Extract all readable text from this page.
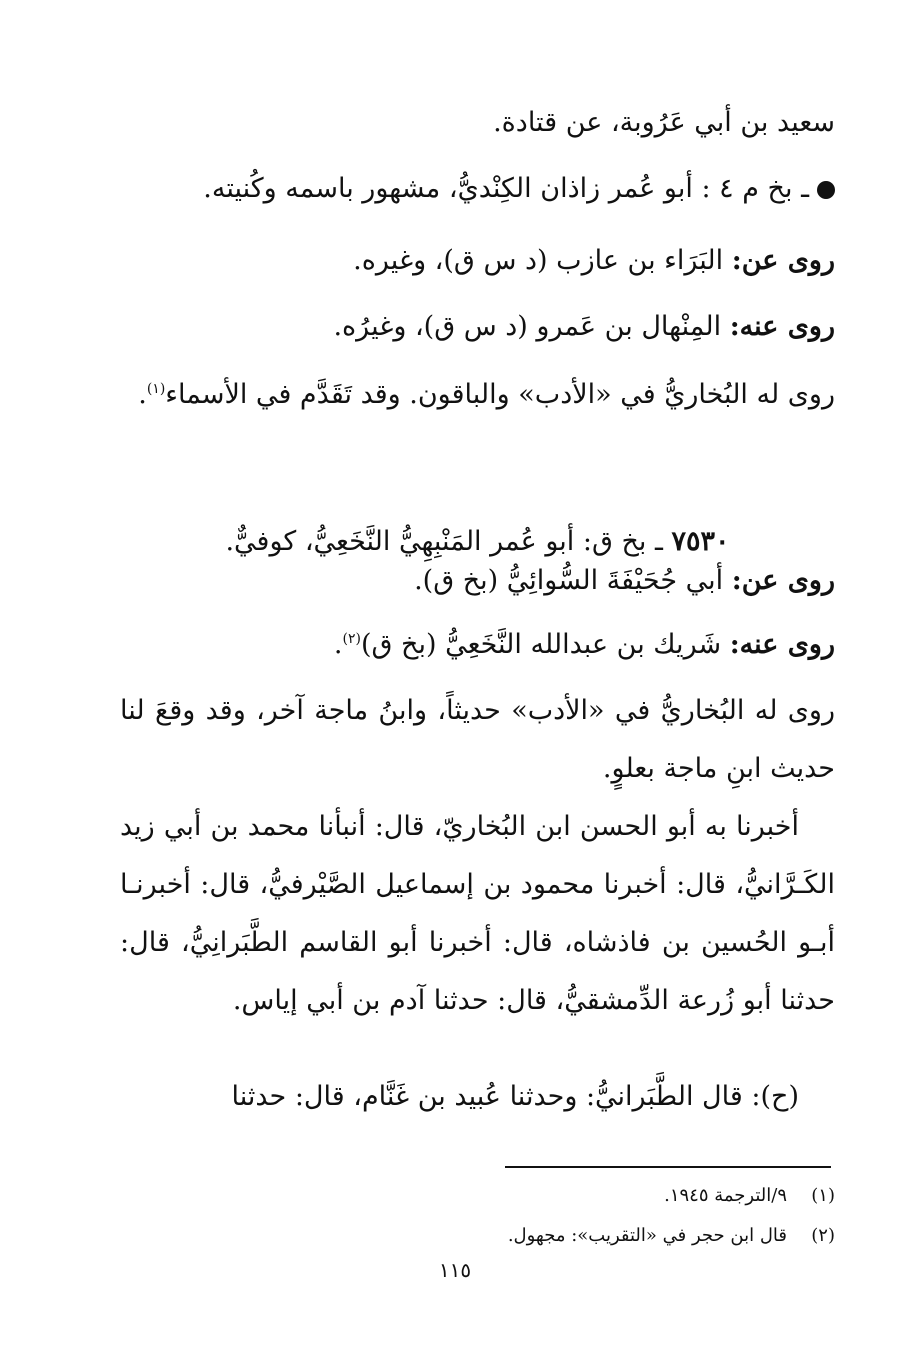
سعيد بن أبي عَرُوبة، عن قتادة.

ـ بخ م ٤ : أبو عُمر زاذان الكِنْديُّ، مشهور باسمه وكُنيته.

روى عن: البَرَاء بن عازب (د س ق)، وغيره.

روى عنه: المِنْهال بن عَمرو (د س ق)، وغيرُه.

روى له البُخاريُّ في «الأدب» والباقون. وقد تَقَدَّم في الأسماء$^{(١)}$.

٧٥٣٠ ـ بخ ق: أبو عُمر المَنْبِهِيُّ النَّخَعِيُّ، كوفيٌّ.

روى عن: أبي جُحَيْفَةَ السُّوائِيُّ (بخ ق).

روى عنه: شَريك بن عبدالله النَّخَعِيُّ (بخ ق)$^{(٢)}$.

روى له البُخاريُّ في «الأدب» حديثاً، وابنُ ماجة آخر، وقد وقعَ لنا حديث ابنِ ماجة بعلوٍ.

أخبرنا به أبو الحسن ابن البُخاريّ، قال: أنبأنا محمد بن أبي زيد الكَـرَّانيُّ، قال: أخبرنا محمود بن إسماعيل الصَّيْرفيُّ، قال: أخبرنـا أبـو الحُسين بن فاذشاه، قال: أخبرنا أبو القاسم الطَّبَرانِيُّ، قال: حدثنا أبو زُرعة الدِّمشقيُّ، قال: حدثنا آدم بن أبي إياس.

(ح): قال الطَّبَرانيُّ: وحدثنا عُبيد بن غَنَّام، قال: حدثنا

(١)٩/الترجمة ١٩٤٥.
(٢)قال ابن حجر في «التقريب»: مجهول.
١١٥
